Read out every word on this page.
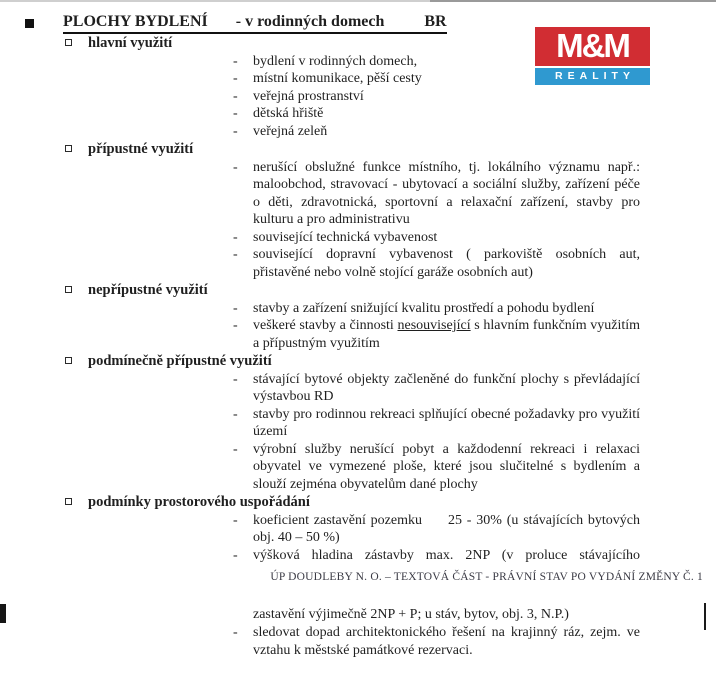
M&M
REALITY
PLOCHY BYDLENÍ - v rodinných domech	BR
hlavní využití
-	bydlení v rodinných domech,

-	místní komunikace, pěší cesty

-	veřejná prostranství

-	dětská hřiště

-	veřejná zeleň

přípustné využití
-	nerušící obslužné funkce místního, tj. lokálního významu např.: maloobchod, stravovací - ubytovací a sociální služby, zařízení péče o děti, zdravotnická, sportovní a relaxační zařízení, stavby pro kulturu a pro administrativu

-	související technická vybavenost

-	související dopravní vybavenost ( parkoviště osobních aut, přistavěné nebo volně stojící garáže osobních aut)

nepřípustné využití
-	stavby a zařízení snižující kvalitu prostředí a pohodu bydlení

-	veškeré stavby a činnosti nesouvisející s hlavním funkčním využitím a přípustným využitím

podmínečně přípustné využití
-	stávající bytové objekty začleněné do funkční plochy s převládající výstavbou RD

-	stavby pro rodinnou rekreaci splňující obecné požadavky pro využití území

-	výrobní služby nerušící pobyt a každodenní rekreaci i relaxaci obyvatel ve vymezené ploše, které jsou slučitelné s bydlením a slouží zejména obyvatelům dané plochy

podmínky prostorového uspořádání
-	koeficient zastavění pozemku 25 - 30% (u stávajících bytových obj. 40 – 50 %)

-	výšková hladina zástavby max. 2NP (v proluce stávajícího

ÚP DOUDLEBY N. O. – TEXTOVÁ ČÁST - PRÁVNÍ STAV PO VYDÁNÍ ZMĚNY Č. 1

zastavění výjimečně 2NP + P; u stáv, bytov, obj. 3, N.P.)

-	sledovat dopad architektonického řešení na krajinný ráz, zejm. ve vztahu k městské památkové rezervaci.
